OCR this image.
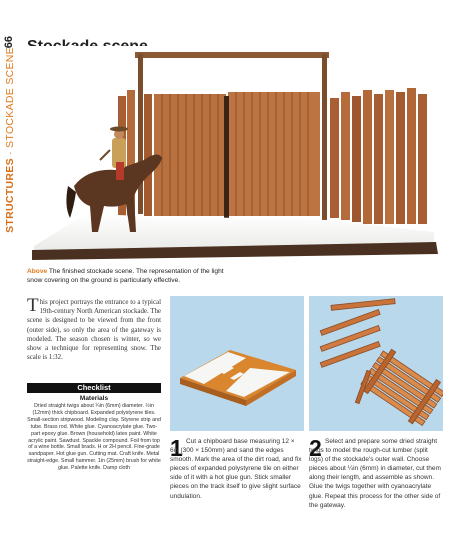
STRUCTURES · STOCKADE SCENE
66
Above The finished stockade scene. The representation of the light snow covering on the ground is particularly effective.
This project portrays the entrance to a typical 19th-century North American stockade. The scene is designed to be viewed from the front (outer side), so only the area of the gateway is modeled. The season chosen is winter, so we show a technique for representing snow. The scale is 1:32.
Checklist
Materials
Dried straight twigs about ¼in (6mm) diameter. ½in (12mm) thick chipboard. Expanded polystyrene tiles. Small-section stripwood. Modeling clay. Styrene strip and tube. Brass rod. White glue. Cyanoacrylate glue. Two-part epoxy glue. Brown (household) latex paint. White acrylic paint. Sawdust. Spackle compound. Foil from top of a wine bottle. Small brads. H or 2H pencil. Fine-grade sandpaper. Hot glue gun. Cutting mat. Craft knife. Metal straight-edge. Small hammer. 1in (25mm) brush for white glue. Palette knife. Damp cloth
1 Cut a chipboard base measuring 12 × 6in (300 × 150mm) and sand the edges smooth. Mark the area of the dirt road, and fix pieces of expanded polystyrene tile on either side of it with a hot glue gun. Stick smaller pieces on the track itself to give slight surface undulation.
2 Select and prepare some dried straight twigs to model the rough-cut lumber (split logs) of the stockade's outer wall. Choose pieces about ¼in (6mm) in diameter, cut them along their length, and assemble as shown. Glue the twigs together with cyanoacrylate glue. Repeat this process for the other side of the gateway.
